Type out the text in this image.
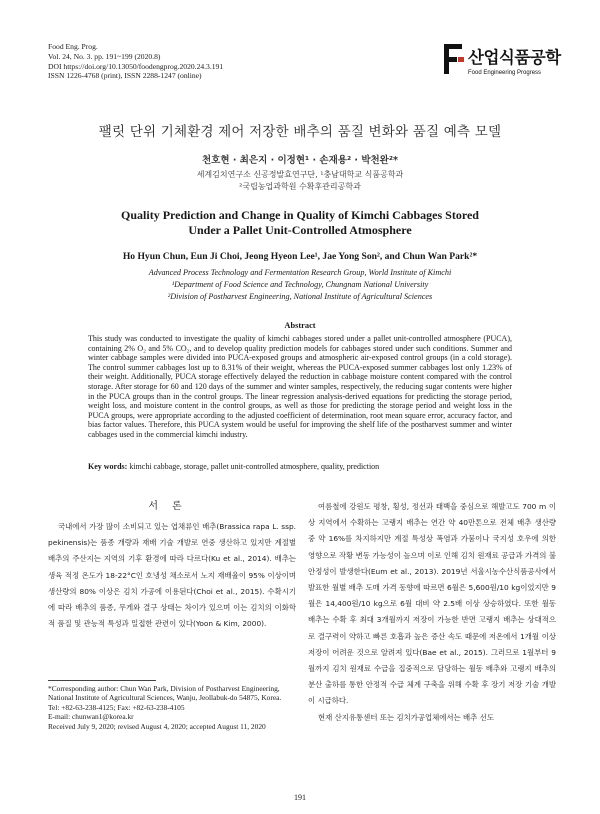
Food Eng. Prog.
Vol. 24, No. 3. pp. 191~199 (2020.8)
DOI https://doi.org/10.13050/foodengprog.2020.24.3.191
ISSN 1226-4768 (print), ISSN 2288-1247 (online)
산업식품공학
Food Engineering Progress
팰릿 단위 기체환경 제어 저장한 배추의 품질 변화와 품질 예측 모델
천호현 · 최은지 · 이정현¹ · 손재용² · 박천완²*
세계김치연구소 신공정발효연구단, ¹충남대학교 식품공학과
²국립농업과학원 수확후관리공학과
Quality Prediction and Change in Quality of Kimchi Cabbages Stored
Under a Pallet Unit-Controlled Atmosphere
Ho Hyun Chun, Eun Ji Choi, Jeong Hyeon Lee¹, Jae Yong Son², and Chun Wan Park²*
Advanced Process Technology and Fermentation Research Group, World Institute of Kimchi
¹Department of Food Science and Technology, Chungnam National University
²Division of Postharvest Engineering, National Institute of Agricultural Sciences
Abstract
This study was conducted to investigate the quality of kimchi cabbages stored under a pallet unit-controlled atmosphere (PUCA), containing 2% O₂ and 5% CO₂, and to develop quality prediction models for cabbages stored under such conditions. Summer and winter cabbage samples were divided into PUCA-exposed groups and atmospheric air-exposed control groups (in a cold storage). The control summer cabbages lost up to 8.31% of their weight, whereas the PUCA-exposed summer cabbages lost only 1.23% of their weight. Additionally, PUCA storage effectively delayed the reduction in cabbage moisture content compared with the control storage. After storage for 60 and 120 days of the summer and winter samples, respectively, the reducing sugar contents were higher in the PUCA groups than in the control groups. The linear regression analysis-derived equations for predicting the storage period, weight loss, and moisture content in the control groups, as well as those for predicting the storage period and weight loss in the PUCA groups, were appropriate according to the adjusted coefficient of determination, root mean square error, accuracy factor, and bias factor values. Therefore, this PUCA system would be useful for improving the shelf life of the postharvest summer and winter cabbages used in the commercial kimchi industry.
Key words: kimchi cabbage, storage, pallet unit-controlled atmosphere, quality, prediction
서론

국내에서 가장 많이 소비되고 있는 엽채류인 배추(Brassica rapa L. ssp. pekinensis)는 품종 개량과 재배 기술 개발로 연중 생산하고 있지만 계절별 배추의 주산지는 지역의 기후 환경에 따라 다르다(Ku et al., 2014). 배추는 생육 적정 온도가 18-22°C인 호냉성 채소로서 노지 재배율이 95% 이상이며 생산량의 80% 이상은 김치 가공에 이용된다(Choi et al., 2015). 수확시기에 따라 배추의 품종, 무게와 결구 상태는 차이가 있으며 이는 김치의 이화학적 품질 및 관능적 특성과 밀접한 관련이 있다(Yoon & Kim, 2000).

여름철에 강원도 평창, 횡성, 정선과 태백을 중심으로 해발고도 700 m 이상 지역에서 수확하는 고랭지 배추는 연간 약 40만톤으로 전체 배추 생산량 중 약 16%를 차지하지만 계절 특성상 폭염과 가뭄이나 국지성 호우에 의한 영향으로 작황 변동 가능성이 높으며 이로 인해 김치 원재료 공급과 가격의 불안정성이 발생한다(Eum et al., 2013). 2019년 서울시농수산식품공사에서 발표한 월별 배추 도매 가격 동향에 따르면 6월은 5,600원/10 kg이었지만 9월은 14,400원/10 kg으로 6월 대비 약 2.5배 이상 상승하였다. 또한 월동 배추는 수확 후 최대 3개월까지 저장이 가능한 반면 고랭지 배추는 상대적으로 결구력이 약하고 빠른 호흡과 높은 증산 속도 때문에 저온에서 1개월 이상 저장이 어려운 것으로 알려져 있다(Bae et al., 2015). 그러므로 1월부터 9월까지 김치 원재료 수급을 집중적으로 담당하는 월동 배추와 고랭지 배추의 분산 출하를 통한 안정적 수급 체계 구축을 위해 수확 후 장기 저장 기술 개발이 시급하다.

현재 산지유통센터 또는 김치가공업체에서는 배추 선도

*Corresponding author: Chun Wan Park, Division of Postharvest Engineering, National Institute of Agricultural Sciences, Wanju, Jeollabuk-do 54875, Korea.
Tel: +82-63-238-4125; Fax: +82-63-238-4105
E-mail: chunwan1@korea.kr
Received July 9, 2020; revised August 4, 2020; accepted August 11, 2020
191
